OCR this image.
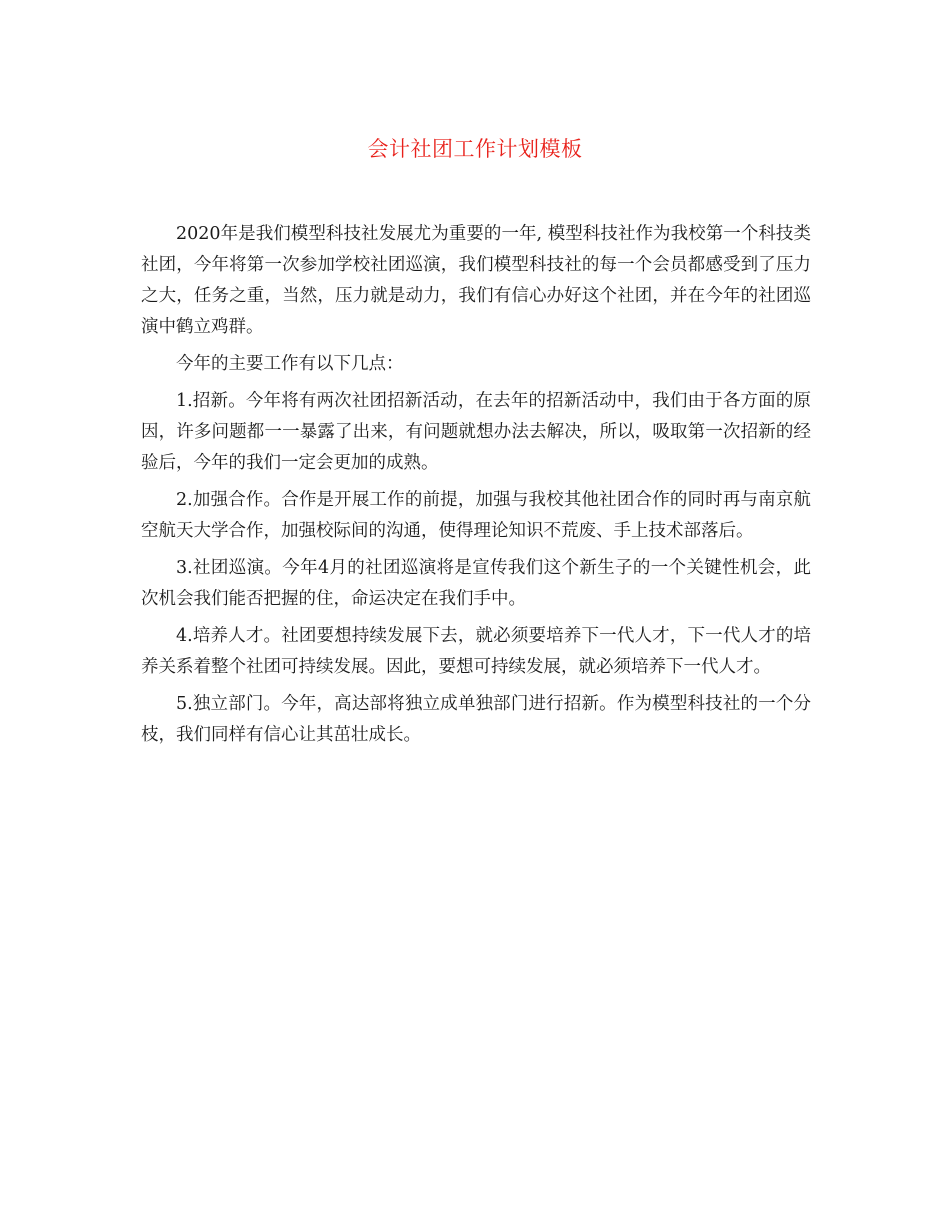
会计社团工作计划模板

2020年是我们模型科技社发展尤为重要的一年, 模型科技社作为我校第一个科技类社团，今年将第一次参加学校社团巡演，我们模型科技社的每一个会员都感受到了压力之大，任务之重，当然，压力就是动力，我们有信心办好这个社团，并在今年的社团巡演中鹤立鸡群。

今年的主要工作有以下几点：

1.招新。今年将有两次社团招新活动，在去年的招新活动中，我们由于各方面的原因，许多问题都一一暴露了出来，有问题就想办法去解决，所以，吸取第一次招新的经验后，今年的我们一定会更加的成熟。

2.加强合作。合作是开展工作的前提，加强与我校其他社团合作的同时再与南京航空航天大学合作，加强校际间的沟通，使得理论知识不荒废、手上技术部落后。

3.社团巡演。今年4月的社团巡演将是宣传我们这个新生子的一个关键性机会，此次机会我们能否把握的住，命运决定在我们手中。

4.培养人才。社团要想持续发展下去，就必须要培养下一代人才，下一代人才的培养关系着整个社团可持续发展。因此，要想可持续发展，就必须培养下一代人才。

5.独立部门。今年，高达部将独立成单独部门进行招新。作为模型科技社的一个分枝，我们同样有信心让其茁壮成长。
